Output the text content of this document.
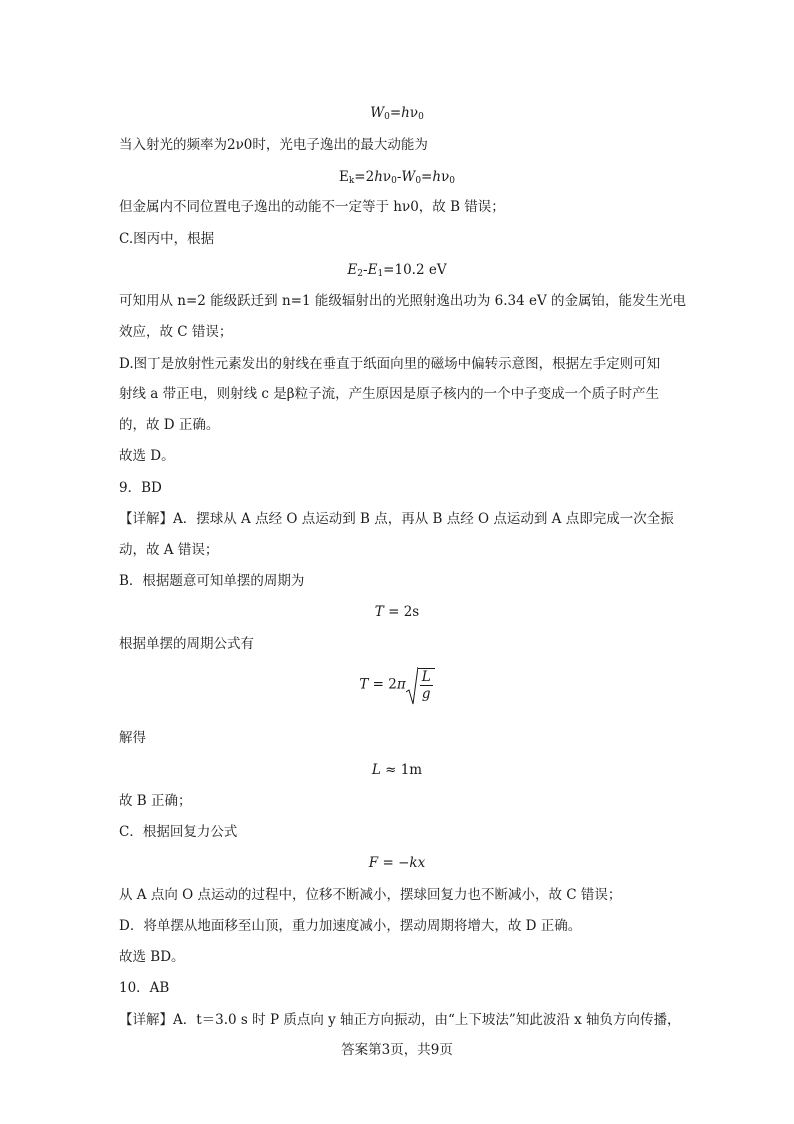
$W_0=h\nu_0$
当入射光的频率为2ν0时，光电子逸出的最大动能为
$E_k=2h\nu_0-W_0=h\nu_0$
但金属内不同位置电子逸出的动能不一定等于 hν0，故 B 错误；
C.图丙中，根据
$E_2-E_1=10.2$ eV
可知用从 n=2 能级跃迁到 n=1 能级辐射出的光照射逸出功为 6.34 eV 的金属铂，能发生光电
效应，故 C 错误；
D.图丁是放射性元素发出的射线在垂直于纸面向里的磁场中偏转示意图，根据左手定则可知
射线 a 带正电，则射线 c 是β粒子流，产生原因是原子核内的一个中子变成一个质子时产生
的，故 D 正确。
故选 D。
9．BD
【详解】A．摆球从 A 点经 O 点运动到 B 点，再从 B 点经 O 点运动到 A 点即完成一次全振
动，故 A 错误；
B．根据题意可知单摆的周期为
T = 2s
根据单摆的周期公式有
$T = 2\pi \frac{L}{g}$
解得
L ≈ 1m
故 B 正确；
C．根据回复力公式
F = −kx
从 A 点向 O 点运动的过程中，位移不断减小，摆球回复力也不断减小，故 C 错误；
D．将单摆从地面移至山顶，重力加速度减小，摆动周期将增大，故 D 正确。
故选 BD。
10．AB
【详解】A．t＝3.0 s 时 P 质点向 y 轴正方向振动，由“上下坡法”知此波沿 x 轴负方向传播，
答案第3页，共9页
